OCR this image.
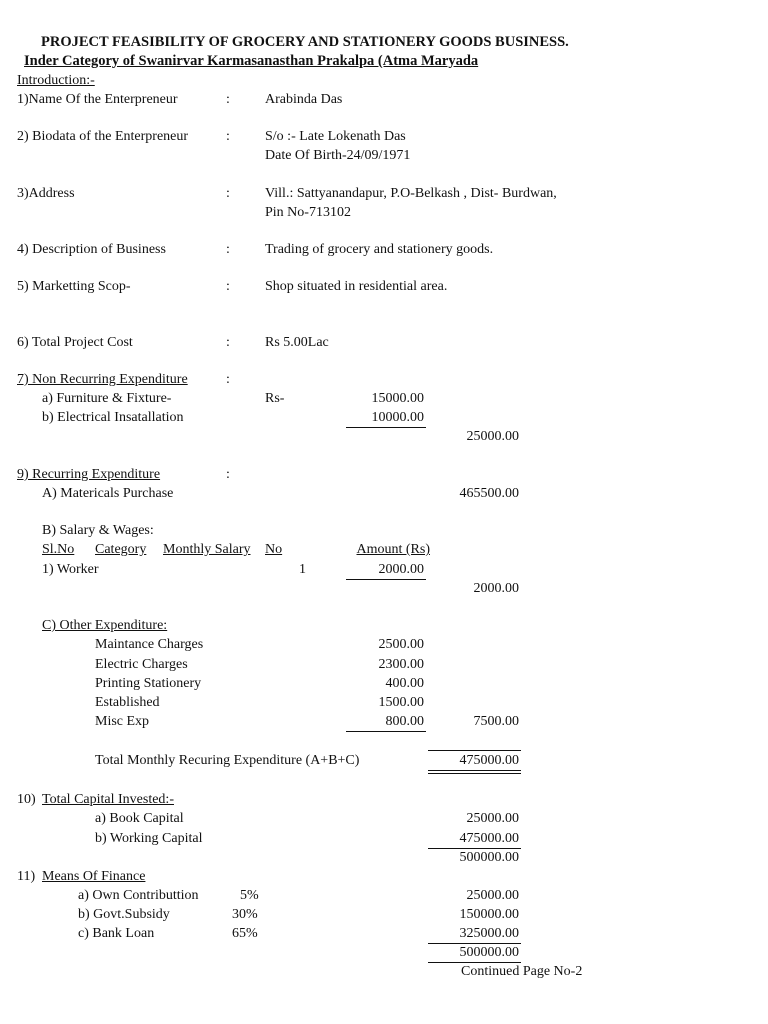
PROJECT FEASIBILITY OF GROCERY AND STATIONERY GOODS BUSINESS.
Inder Category of Swanirvar Karmasanasthan Prakalpa (Atma Maryada
Introduction:-
1)Name Of the Enterpreneur	:	Arabinda Das
2) Biodata of the Enterpreneur	:	S/o :- Late Lokenath Das
Date Of Birth-24/09/1971
3)Address	:	Vill.: Sattyanandapur, P.O-Belkash , Dist- Burdwan,
Pin No-713102
4) Description of Business	:	Trading of grocery and stationery goods.
5) Marketting Scop-	:	Shop situated in residential area.
6) Total Project Cost	:	Rs 5.00Lac
7) Non Recurring Expenditure	:
a) Furniture & Fixture-	Rs-	15000.00
b) Electrical Insatallation	10000.00
25000.00
9) Recurring Expenditure	:
A) Matericals Purchase	465500.00
B) Salary & Wages:
Sl.No Category Monthly Salary No	Amount (Rs)
1) Worker	1	2000.00
2000.00
C) Other Expenditure:
Maintance Charges	2500.00
Electric Charges	2300.00
Printing Stationery	400.00
Established	1500.00
Misc Exp	800.00	7500.00
Total Monthly Recuring Expenditure (A+B+C)	475000.00
10) Total Capital Invested:-
a) Book Capital	25000.00
b) Working Capital	475000.00
500000.00
11) Means Of Finance
a) Own Contributtion	5%	25000.00
b) Govt.Subsidy	30%	150000.00
c) Bank Loan	65%	325000.00
500000.00
Continued Page No-2
